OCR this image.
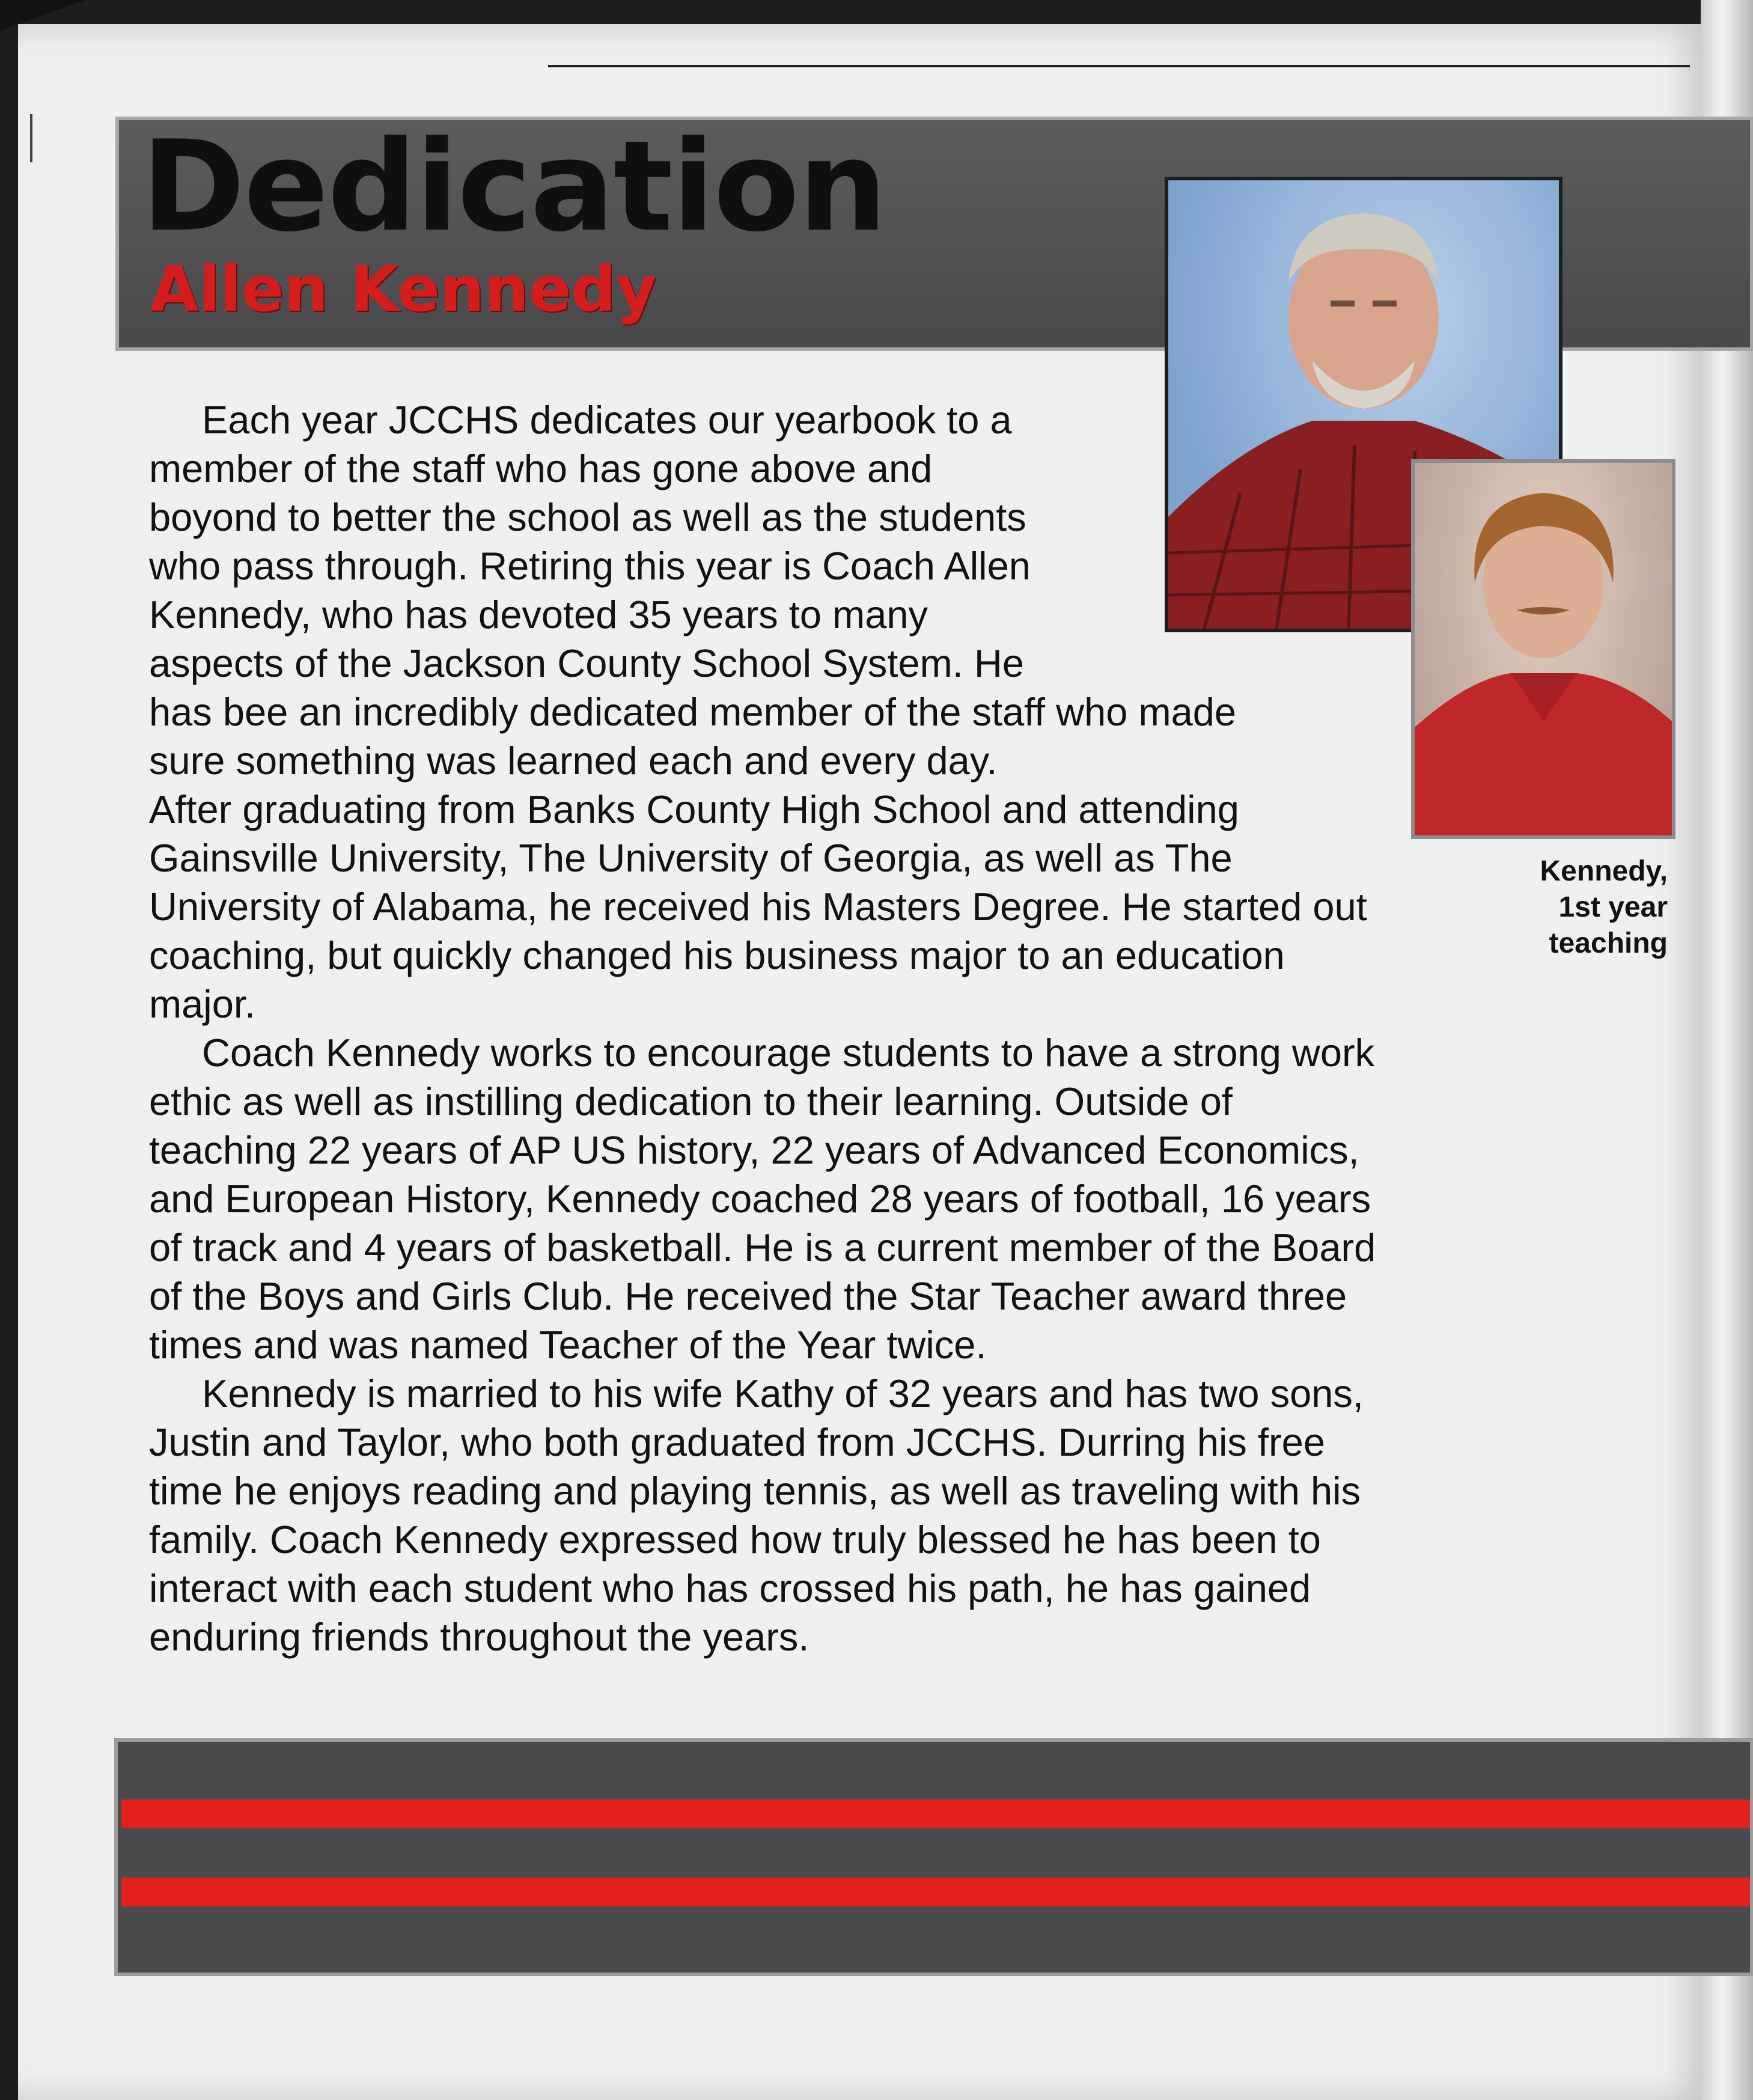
Dedication
Allen Kennedy
Kennedy,
1st year
teaching
Each year JCCHS dedicates our yearbook to a
member of the staff who has gone above and
boyond to better the school as well as the students
who pass through. Retiring this year is Coach Allen
Kennedy, who has devoted 35 years to many
aspects of the Jackson County School System. He
has bee an incredibly dedicated member of the staff who made
sure something was learned each and every day.
After graduating from Banks County High School and attending
Gainsville University, The University of Georgia, as well as The
University of Alabama, he received his Masters Degree. He started out
coaching, but quickly changed his business major to an education
major.
Coach Kennedy works to encourage students to have a strong work
ethic as well as instilling dedication to their learning. Outside of
teaching 22 years of AP US history, 22 years of Advanced Economics,
and European History, Kennedy coached 28 years of football, 16 years
of track and 4 years of basketball. He is a current member of the Board
of the Boys and Girls Club. He received the Star Teacher award three
times and was named Teacher of the Year twice.
Kennedy is married to his wife Kathy of 32 years and has two sons,
Justin and Taylor, who both graduated from JCCHS. Durring his free
time he enjoys reading and playing tennis, as well as traveling with his
family. Coach Kennedy expressed how truly blessed he has been to
interact with each student who has crossed his path, he has gained
enduring friends throughout the years.
